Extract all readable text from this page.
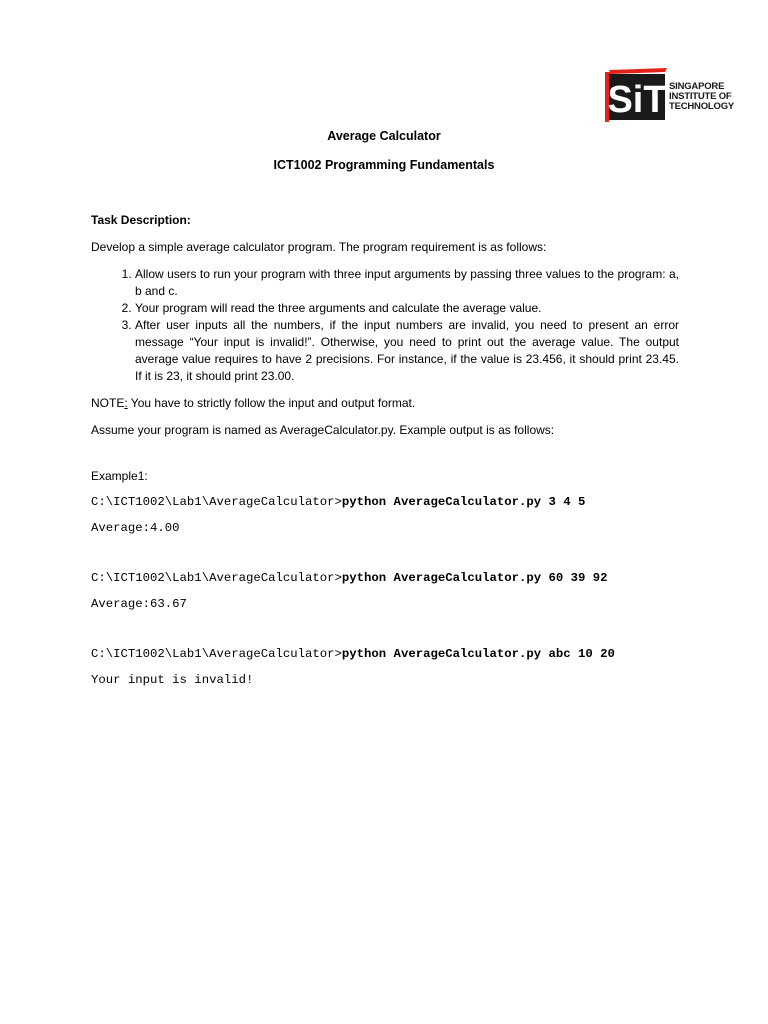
SiT SINGAPORE
INSTITUTE OF
TECHNOLOGY
Average Calculator
ICT1002 Programming Fundamentals
Task Description:
Develop a simple average calculator program. The program requirement is as follows:
1. Allow users to run your program with three input arguments by passing three values to the program: a, b and c.
2. Your program will read the three arguments and calculate the average value.
3. After user inputs all the numbers, if the input numbers are invalid, you need to present an error message “Your input is invalid!”. Otherwise, you need to print out the average value. The output average value requires to have 2 precisions. For instance, if the value is 23.456, it should print 23.45. If it is 23, it should print 23.00.
NOTE: You have to strictly follow the input and output format.
Assume your program is named as AverageCalculator.py. Example output is as follows:
Example1:
C:\ICT1002\Lab1\AverageCalculator>python AverageCalculator.py 3 4 5
Average:4.00
C:\ICT1002\Lab1\AverageCalculator>python AverageCalculator.py 60 39 92
Average:63.67
C:\ICT1002\Lab1\AverageCalculator>python AverageCalculator.py abc 10 20
Your input is invalid!
